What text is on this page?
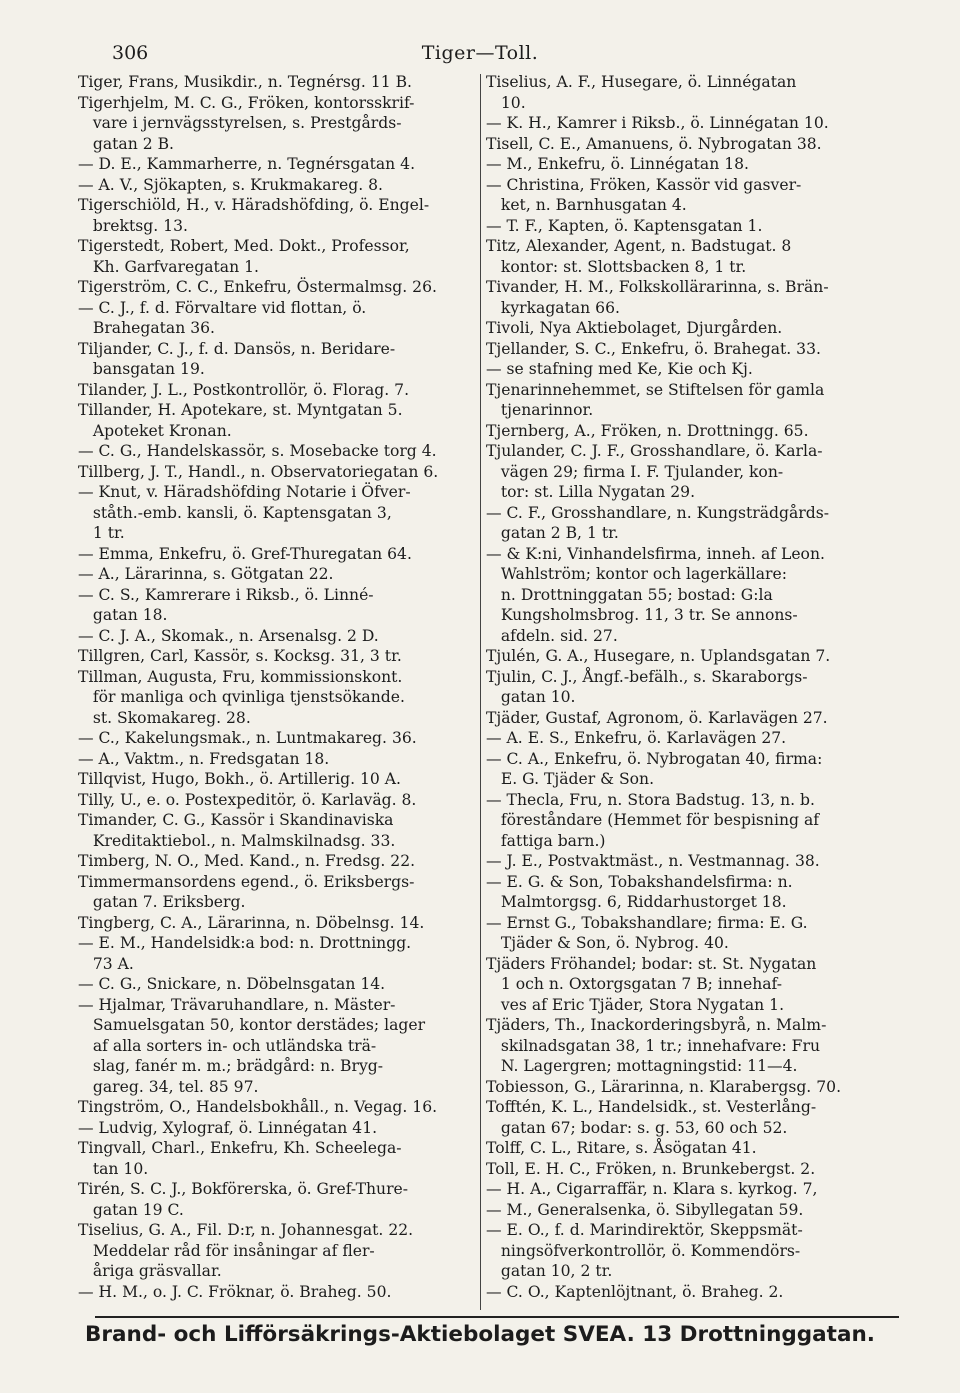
306	Tiger—Toll.
Tiger, Frans, Musikdir., n. Tegnérsg. 11 B.
Tigerhjelm, M. C. G., Fröken, kontorsskrif-
vare i jernvägsstyrelsen, s. Prestgårds-
gatan 2 B.
— D. E., Kammarherre, n. Tegnérsgatan 4.
— A. V., Sjökapten, s. Krukmakareg. 8.
Tigerschiöld, H., v. Häradshöfding, ö. Engel-
brektsg. 13.
Tigerstedt, Robert, Med. Dokt., Professor,
Kh. Garfvaregatan 1.
Tigerström, C. C., Enkefru, Östermalmsg. 26.
— C. J., f. d. Förvaltare vid flottan, ö.
Brahegatan 36.
Tiljander, C. J., f. d. Dansös, n. Beridare-
bansgatan 19.
Tilander, J. L., Postkontrollör, ö. Florag. 7.
Tillander, H. Apotekare, st. Myntgatan 5.
Apoteket Kronan.
— C. G., Handelskassör, s. Mosebacke torg 4.
Tillberg, J. T., Handl., n. Observatoriegatan 6.
— Knut, v. Häradshöfding Notarie i Öfver-
ståth.-emb. kansli, ö. Kaptensgatan 3,
1 tr.
— Emma, Enkefru, ö. Gref-Thuregatan 64.
— A., Lärarinna, s. Götgatan 22.
— C. S., Kamrerare i Riksb., ö. Linné-
gatan 18.
— C. J. A., Skomak., n. Arsenalsg. 2 D.
Tillgren, Carl, Kassör, s. Kocksg. 31, 3 tr.
Tillman, Augusta, Fru, kommissionskont.
för manliga och qvinliga tjenstsökande.
st. Skomakareg. 28.
— C., Kakelungsmak., n. Luntmakareg. 36.
— A., Vaktm., n. Fredsgatan 18.
Tillqvist, Hugo, Bokh., ö. Artillerig. 10 A.
Tilly, U., e. o. Postexpeditör, ö. Karlaväg. 8.
Timander, C. G., Kassör i Skandinaviska
Kreditaktiebol., n. Malmskilnadsg. 33.
Timberg, N. O., Med. Kand., n. Fredsg. 22.
Timmermansordens egend., ö. Eriksbergs-
gatan 7. Eriksberg.
Tingberg, C. A., Lärarinna, n. Döbelnsg. 14.
— E. M., Handelsidk:a bod: n. Drottningg.
73 A.
— C. G., Snickare, n. Döbelnsgatan 14.
— Hjalmar, Trävaruhandlare, n. Mäster-
Samuelsgatan 50, kontor derstädes; lager
af alla sorters in- och utländska trä-
slag, fanér m. m.; brädgård: n. Bryg-
gareg. 34, tel. 85 97.
Tingström, O., Handelsbokhåll., n. Vegag. 16.
— Ludvig, Xylograf, ö. Linnégatan 41.
Tingvall, Charl., Enkefru, Kh. Scheelega-
tan 10.
Tirén, S. C. J., Bokförerska, ö. Gref-Thure-
gatan 19 C.
Tiselius, G. A., Fil. D:r, n. Johannesgat. 22.
Meddelar råd för insåningar af fler-
åriga gräsvallar.
— H. M., o. J. C. Fröknar, ö. Braheg. 50.
Tiselius, A. F., Husegare, ö. Linnégatan
10.
— K. H., Kamrer i Riksb., ö. Linnégatan 10.
Tisell, C. E., Amanuens, ö. Nybrogatan 38.
— M., Enkefru, ö. Linnégatan 18.
— Christina, Fröken, Kassör vid gasver-
ket, n. Barnhusgatan 4.
— T. F., Kapten, ö. Kaptensgatan 1.
Titz, Alexander, Agent, n. Badstugat. 8
kontor: st. Slottsbacken 8, 1 tr.
Tivander, H. M., Folkskollärarinna, s. Brän-
kyrkagatan 66.
Tivoli, Nya Aktiebolaget, Djurgården.
Tjellander, S. C., Enkefru, ö. Brahegat. 33.
— se stafning med Ke, Kie och Kj.
Tjenarinnehemmet, se Stiftelsen för gamla
tjenarinnor.
Tjernberg, A., Fröken, n. Drottningg. 65.
Tjulander, C. J. F., Grosshandlare, ö. Karla-
vägen 29; firma I. F. Tjulander, kon-
tor: st. Lilla Nygatan 29.
— C. F., Grosshandlare, n. Kungsträdgårds-
gatan 2 B, 1 tr.
— & K:ni, Vinhandelsfirma, inneh. af Leon.
Wahlström; kontor och lagerkällare:
n. Drottninggatan 55; bostad: G:la
Kungsholmsbrog. 11, 3 tr. Se annons-
afdeln. sid. 27.
Tjulén, G. A., Husegare, n. Uplandsgatan 7.
Tjulin, C. J., Ångf.-befälh., s. Skaraborgs-
gatan 10.
Tjäder, Gustaf, Agronom, ö. Karlavägen 27.
— A. E. S., Enkefru, ö. Karlavägen 27.
— C. A., Enkefru, ö. Nybrogatan 40, firma:
E. G. Tjäder & Son.
— Thecla, Fru, n. Stora Badstug. 13, n. b.
föreståndare (Hemmet för bespisning af
fattiga barn.)
— J. E., Postvaktmäst., n. Vestmannag. 38.
— E. G. & Son, Tobakshandelsfirma: n.
Malmtorgsg. 6, Riddarhustorget 18.
— Ernst G., Tobakshandlare; firma: E. G.
Tjäder & Son, ö. Nybrog. 40.
Tjäders Fröhandel; bodar: st. St. Nygatan
1 och n. Oxtorgsgatan 7 B; innehaf-
ves af Eric Tjäder, Stora Nygatan 1.
Tjäders, Th., Inackorderingsbyrå, n. Malm-
skilnadsgatan 38, 1 tr.; innehafvare: Fru
N. Lagergren; mottagningstid: 11—4.
Tobiesson, G., Lärarinna, n. Klarabergsg. 70.
Tofftén, K. L., Handelsidk., st. Vesterlång-
gatan 67; bodar: s. g. 53, 60 och 52.
Tolff, C. L., Ritare, s. Åsögatan 41.
Toll, E. H. C., Fröken, n. Brunkebergst. 2.
— H. A., Cigarraffär, n. Klara s. kyrkog. 7,
— M., Generalsenka, ö. Sibyllegatan 59.
— E. O., f. d. Marindirektör, Skeppsmät-
ningsöfverkontrollör, ö. Kommendörs-
gatan 10, 2 tr.
— C. O., Kaptenlöjtnant, ö. Braheg. 2.
Brand- och Lifförsäkrings-Aktiebolaget SVEA. 13 Drottninggatan.
